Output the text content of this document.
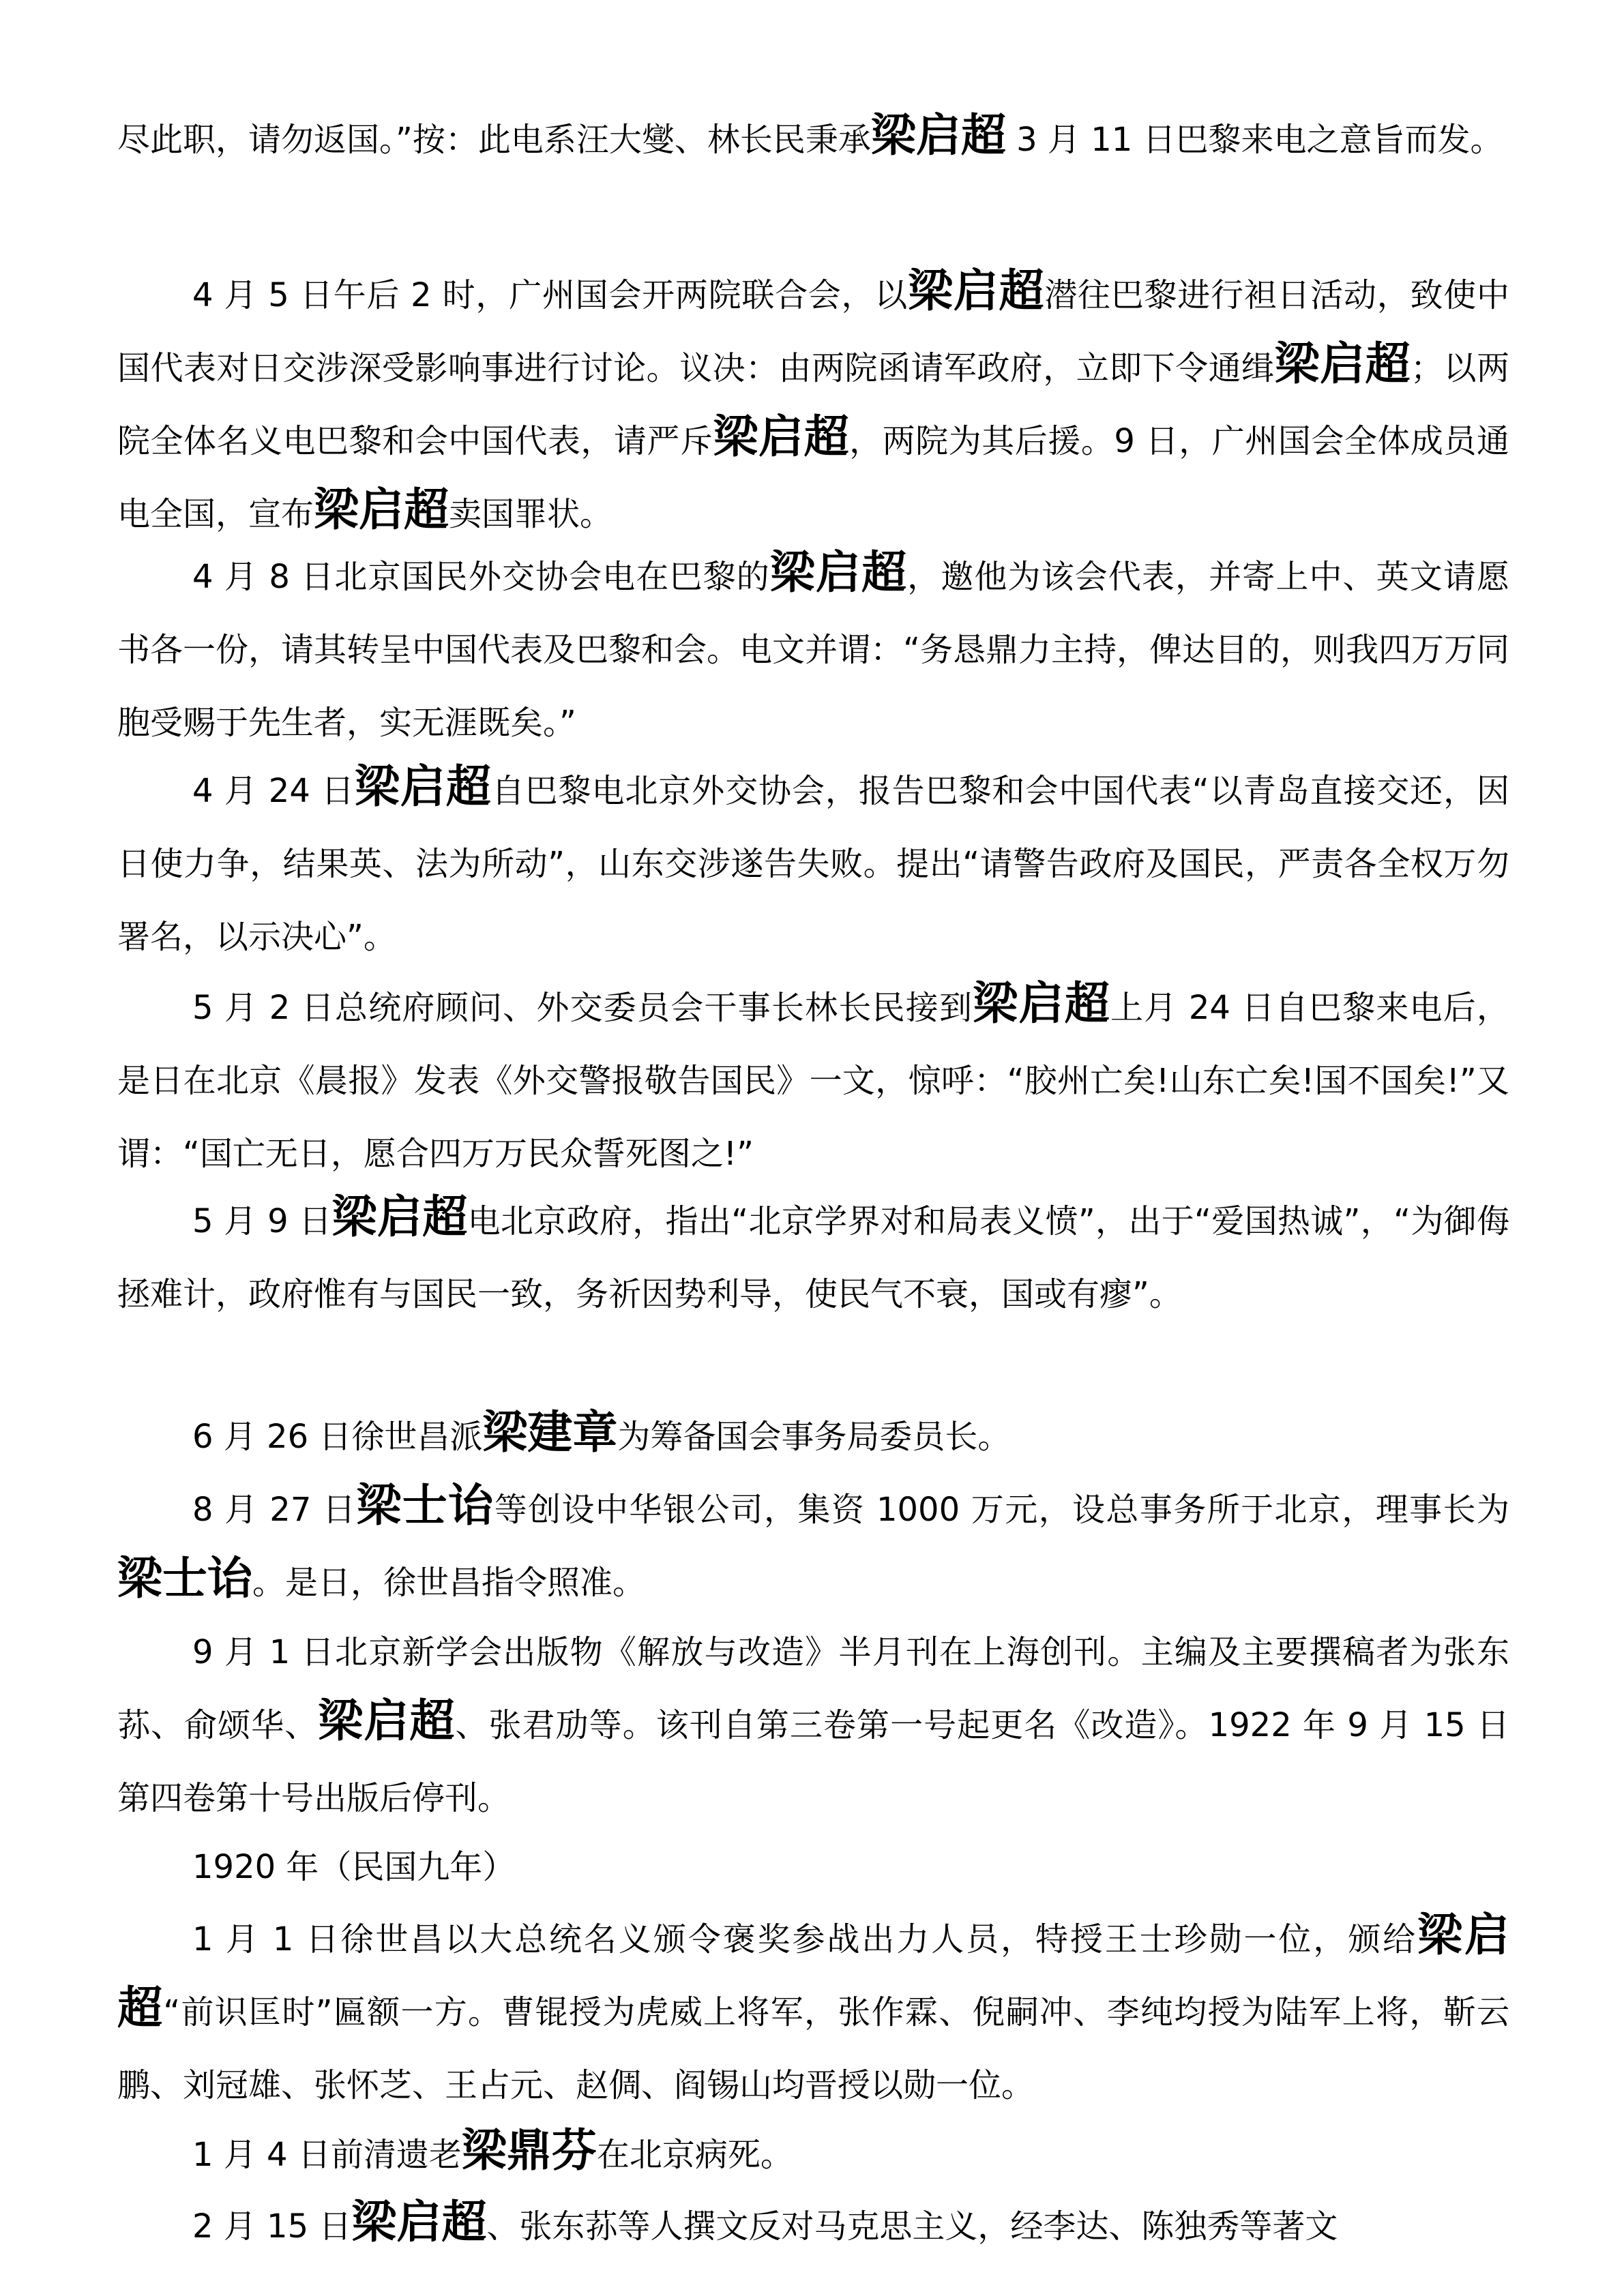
尽此职，请勿返国。”按：此电系汪大燮、林长民秉承梁启超 3 月 11 日巴黎来电之意旨而发。

4 月 5 日午后 2 时，广州国会开两院联合会，以梁启超潜往巴黎进行袒日活动，致使中国代表对日交涉深受影响事进行讨论。议决：由两院函请军政府，立即下令通缉梁启超；以两院全体名义电巴黎和会中国代表，请严斥梁启超，两院为其后援。9 日，广州国会全体成员通电全国，宣布梁启超卖国罪状。

4 月 8 日北京国民外交协会电在巴黎的梁启超，邀他为该会代表，并寄上中、英文请愿书各一份，请其转呈中国代表及巴黎和会。电文并谓：“务恳鼎力主持，俾达目的，则我四万万同胞受赐于先生者，实无涯既矣。”

4 月 24 日梁启超自巴黎电北京外交协会，报告巴黎和会中国代表“以青岛直接交还，因日使力争，结果英、法为所动”，山东交涉遂告失败。提出“请警告政府及国民，严责各全权万勿署名，以示决心”。

5 月 2 日总统府顾问、外交委员会干事长林长民接到梁启超上月 24 日自巴黎来电后，是日在北京《晨报》发表《外交警报敬告国民》一文，惊呼：“胶州亡矣!山东亡矣!国不国矣!”又谓：“国亡无日，愿合四万万民众誓死图之!”

5 月 9 日梁启超电北京政府，指出“北京学界对和局表义愤”，出于“爱国热诚”，“为御侮拯难计，政府惟有与国民一致，务祈因势利导，使民气不衰，国或有瘳”。

6 月 26 日徐世昌派梁建章为筹备国会事务局委员长。

8 月 27 日梁士诒等创设中华银公司，集资 1000 万元，设总事务所于北京，理事长为梁士诒。是日，徐世昌指令照准。

9 月 1 日北京新学会出版物《解放与改造》半月刊在上海创刊。主编及主要撰稿者为张东荪、俞颂华、梁启超、张君劢等。该刊自第三卷第一号起更名《改造》。1922 年 9 月 15 日第四卷第十号出版后停刊。

1920 年（民国九年）

1 月 1 日徐世昌以大总统名义颁令褒奖参战出力人员，特授王士珍勋一位，颁给梁启超“前识匡时”匾额一方。曹锟授为虎威上将军，张作霖、倪嗣冲、李纯均授为陆军上将，靳云鹏、刘冠雄、张怀芝、王占元、赵倜、阎锡山均晋授以勋一位。

1 月 4 日前清遗老梁鼎芬在北京病死。

2 月 15 日梁启超、张东荪等人撰文反对马克思主义，经李达、陈独秀等著文
